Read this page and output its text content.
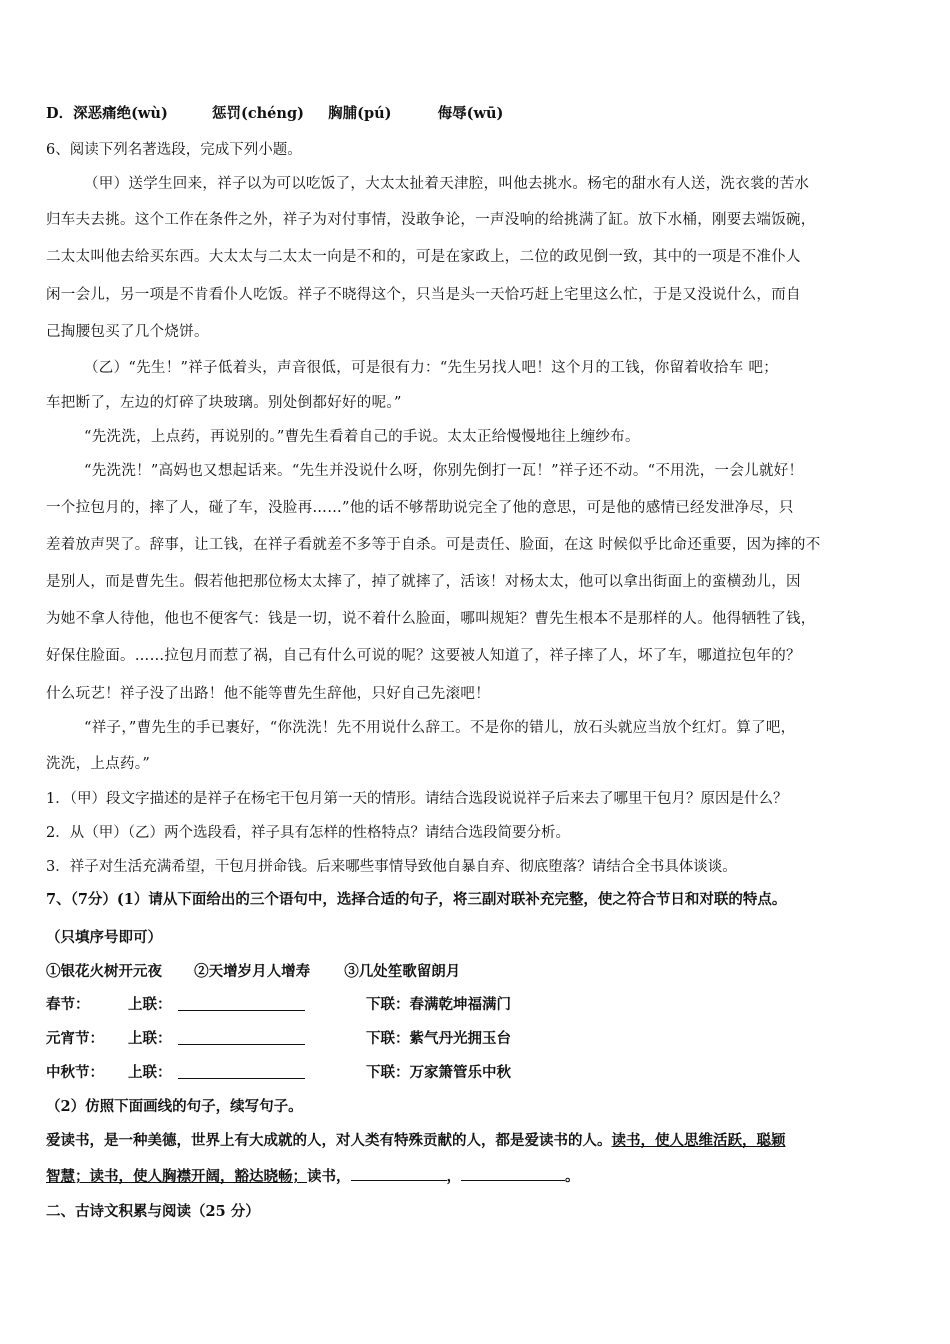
D．深恶痛绝(wù)	惩罚(chéng) 胸脯(pú)	侮辱(wū)
6、阅读下列名著选段，完成下列小题。
（甲）送学生回来，祥子以为可以吃饭了，大太太扯着天津腔，叫他去挑水。杨宅的甜水有人送，洗衣裳的苦水
归车夫去挑。这个工作在条件之外，祥子为对付事情，没敢争论，一声没响的给挑满了缸。放下水桶，刚要去端饭碗，
二太太叫他去给买东西。大太太与二太太一向是不和的，可是在家政上，二位的政见倒一致，其中的一项是不准仆人
闲一会儿，另一项是不肯看仆人吃饭。祥子不晓得这个，只当是头一天恰巧赶上宅里这么忙，于是又没说什么，而自
己掏腰包买了几个烧饼。
（乙）“先生！”祥子低着头，声音很低，可是很有力：“先生另找人吧！这个月的工钱，你留着收拾车 吧；
车把断了，左边的灯碎了块玻璃。别处倒都好好的呢。”
“先洗洗，上点药，再说别的。”曹先生看着自己的手说。太太正给慢慢地往上缠纱布。
“先洗洗！”高妈也又想起话来。“先生并没说什么呀，你别先倒打一瓦！”祥子还不动。“不用洗，一会儿就好！
一个拉包月的，摔了人，碰了车，没脸再……”他的话不够帮助说完全了他的意思，可是他的感情已经发泄净尽，只
差着放声哭了。辞事，让工钱，在祥子看就差不多等于自杀。可是责任、脸面，在这 时候似乎比命还重要，因为摔的不
是别人，而是曹先生。假若他把那位杨太太摔了，掉了就摔了，活该！对杨太太，他可以拿出街面上的蛮横劲儿，因
为她不拿人待他，他也不便客气：钱是一切，说不着什么脸面，哪叫规矩？曹先生根本不是那样的人。他得牺牲了钱，
好保住脸面。……拉包月而惹了祸，自己有什么可说的呢？这要被人知道了，祥子摔了人，坏了车，哪道拉包年的？
什么玩艺！祥子没了出路！他不能等曹先生辞他，只好自己先滚吧！
“祥子，”曹先生的手已裹好，“你洗洗！先不用说什么辞工。不是你的错儿，放石头就应当放个红灯。算了吧，
洗洗，上点药。”
1．（甲）段文字描述的是祥子在杨宅干包月第一天的情形。请结合选段说说祥子后来去了哪里干包月？原因是什么？
2．从（甲）（乙）两个选段看，祥子具有怎样的性格特点？请结合选段简要分析。
3．祥子对生活充满希望，干包月拼命钱。后来哪些事情导致他自暴自弃、彻底堕落？请结合全书具体谈谈。
7、（7分）(1）请从下面给出的三个语句中，选择合适的句子，将三副对联补充完整，使之符合节日和对联的特点。
（只填序号即可）
①银花火树开元夜 ②天增岁月人增寿 ③几处笙歌留朗月
春节：	上联：	下联：春满乾坤福满门
元宵节： 上联：	下联：紫气丹光拥玉台
中秋节： 上联：	下联：万家箫管乐中秋
（2）仿照下面画线的句子，续写句子。
爱读书，是一种美德，世界上有大成就的人，对人类有特殊贡献的人，都是爱读书的人。读书，使人思维活跃，聪颖
智慧；读书，使人胸襟开阔，豁达晓畅；读书，	，	。
二、古诗文积累与阅读（25 分）
